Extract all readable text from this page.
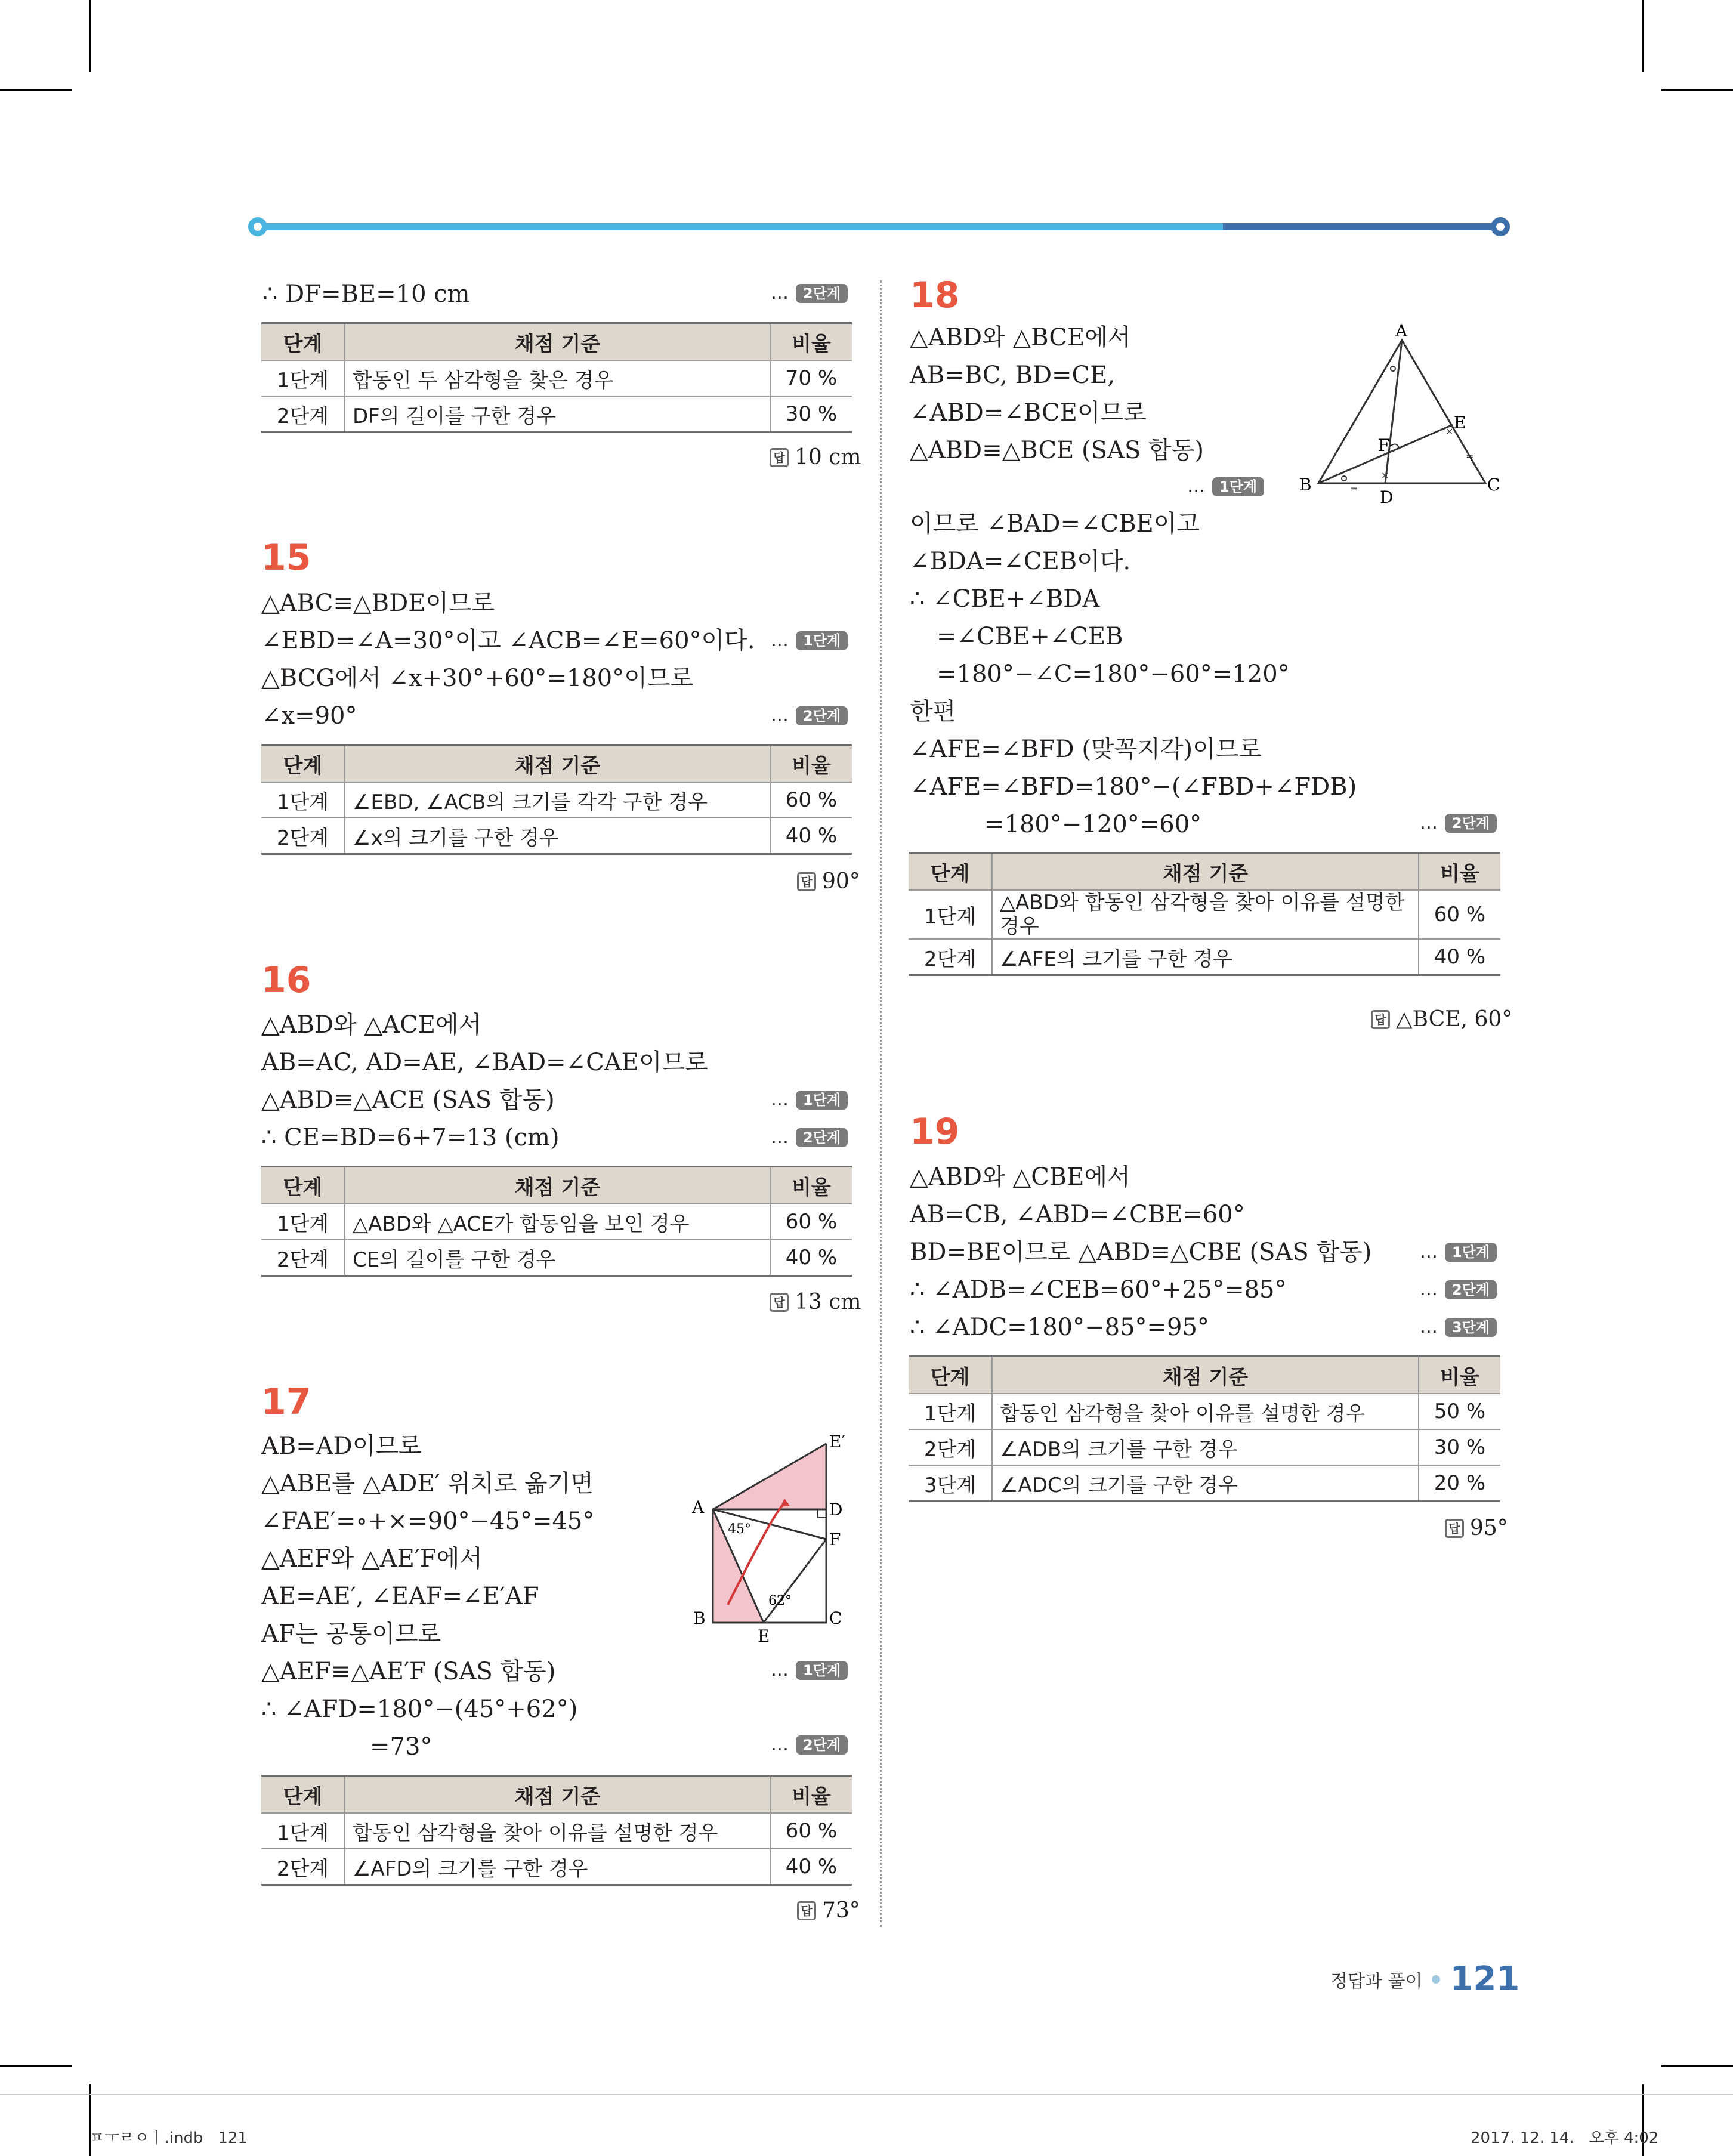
∴ DF=BE=10 cm	… 2단계
단계	채점 기준	비율
1단계	합동인 두 삼각형을 찾은 경우	70 %
2단계	DF의 길이를 구한 경우	30 %
답 10 cm
15
△ABC≡△BDE이므로
∠EBD=∠A=30°이고 ∠ACB=∠E=60°이다.
△BCG에서 ∠x+30°+60°=180°이므로
∠x=90°
… 1단계
… 2단계
단계	채점 기준	비율
1단계	∠EBD, ∠ACB의 크기를 각각 구한 경우	60 %
2단계	∠x의 크기를 구한 경우	40 %
답 90°
16
△ABD와 △ACE에서
AB=AC, AD=AE, ∠BAD=∠CAE이므로
△ABD≡△ACE (SAS 합동)
∴ CE=BD=6+7=13 (cm)
… 1단계
… 2단계
단계	채점 기준	비율
1단계	△ABD와 △ACE가 합동임을 보인 경우	60 %
2단계	CE의 길이를 구한 경우	40 %
답 13 cm
17
AB=AD이므로
△ABE를 △ADE′ 위치로 옮기면
∠FAE′=∘+×=90°−45°=45°
△AEF와 △AE′F에서
AE=AE′, ∠EAF=∠E′AF
AF는 공통이므로
△AEF≡△AE′F (SAS 합동)
∴ ∠AFD=180°−(45°+62°)
=73°
… 1단계
… 2단계
A	D
F
E′
B	C
E
45°
62°
단계	채점 기준	비율
1단계	합동인 삼각형을 찾아 이유를 설명한 경우	60 %
2단계	∠AFD의 크기를 구한 경우	40 %
답 73°
18
△ABD와 △BCE에서
AB=BC, BD=CE,
∠ABD=∠BCE이므로
△ABD≡△BCE (SAS 합동)
… 1단계
이므로 ∠BAD=∠CBE이고
∠BDA=∠CEB이다.
∴ ∠CBE+∠BDA
=∠CBE+∠CEB
=180°−∠C=180°−60°=120°
한편
∠AFE=∠BFD (맞꼭지각)이므로
∠AFE=∠BFD=180°−(∠FBD+∠FDB)
=180°−120°=60°	… 2단계
=
×
×
=
A
B	C
D
E
F
단계	채점 기준	비율
1단계	△ABD와 합동인 삼각형을 찾아 이유를 설명한 경우	60 %
2단계	∠AFE의 크기를 구한 경우	40 %
답 △BCE, 60°
19
△ABD와 △CBE에서
AB=CB, ∠ABD=∠CBE=60°
BD=BE이므로 △ABD≡△CBE (SAS 합동)
∴ ∠ADB=∠CEB=60°+25°=85°
∴ ∠ADC=180°−85°=95°
… 1단계
… 2단계
… 3단계
단계	채점 기준	비율
1단계	합동인 삼각형을 찾아 이유를 설명한 경우	50 %
2단계	∠ADB의 크기를 구한 경우	30 %
3단계	∠ADC의 크기를 구한 경우	20 %
답 95°
정답과 풀이 121
ㅍㅜㄹㅇㅣ.indb   121	2017. 12. 14.   오후 4:02
